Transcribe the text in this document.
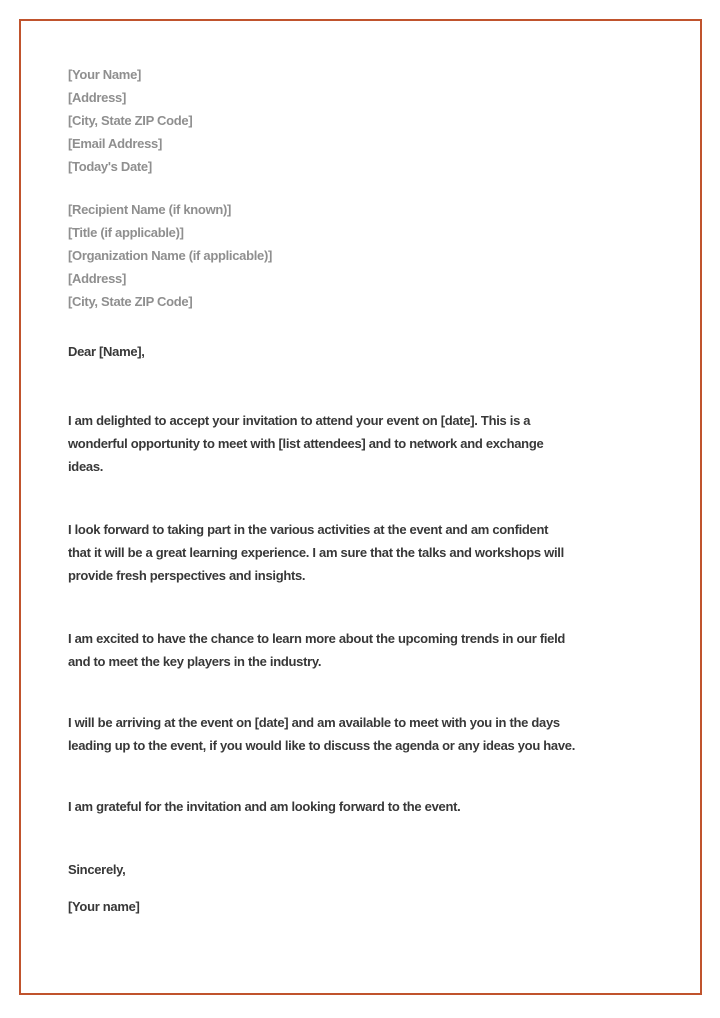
[Your Name]
[Address]
[City, State ZIP Code]
[Email Address]
[Today's Date]
[Recipient Name (if known)]
[Title (if applicable)]
[Organization Name (if applicable)]
[Address]
[City, State ZIP Code]
Dear [Name],
I am delighted to accept your invitation to attend your event on [date]. This is a
wonderful opportunity to meet with [list attendees] and to network and exchange
ideas.
I look forward to taking part in the various activities at the event and am confident
that it will be a great learning experience. I am sure that the talks and workshops will
provide fresh perspectives and insights.
I am excited to have the chance to learn more about the upcoming trends in our field
and to meet the key players in the industry.
I will be arriving at the event on [date] and am available to meet with you in the days
leading up to the event, if you would like to discuss the agenda or any ideas you have.
I am grateful for the invitation and am looking forward to the event.
Sincerely,
[Your name]
